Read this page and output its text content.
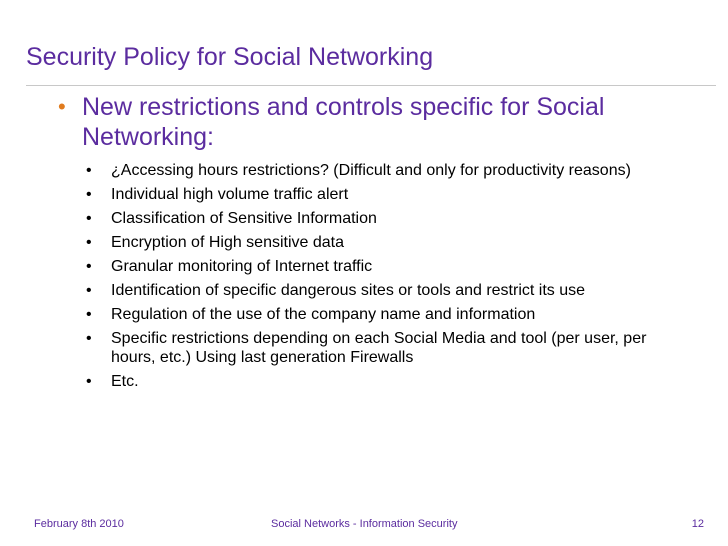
Security Policy for Social Networking
• New restrictions and controls specific for Social Networking:
• ¿Accessing hours restrictions? (Difficult and only for productivity reasons)
• Individual high volume traffic alert
• Classification of Sensitive Information
• Encryption of High sensitive data
• Granular monitoring of Internet traffic
• Identification of specific dangerous sites or tools and restrict its use
• Regulation of the use of the company name and information
• Specific restrictions depending on each Social Media and tool (per user, per hours, etc.) Using last generation Firewalls
• Etc.
February 8th 2010	Social Networks - Information Security	12
